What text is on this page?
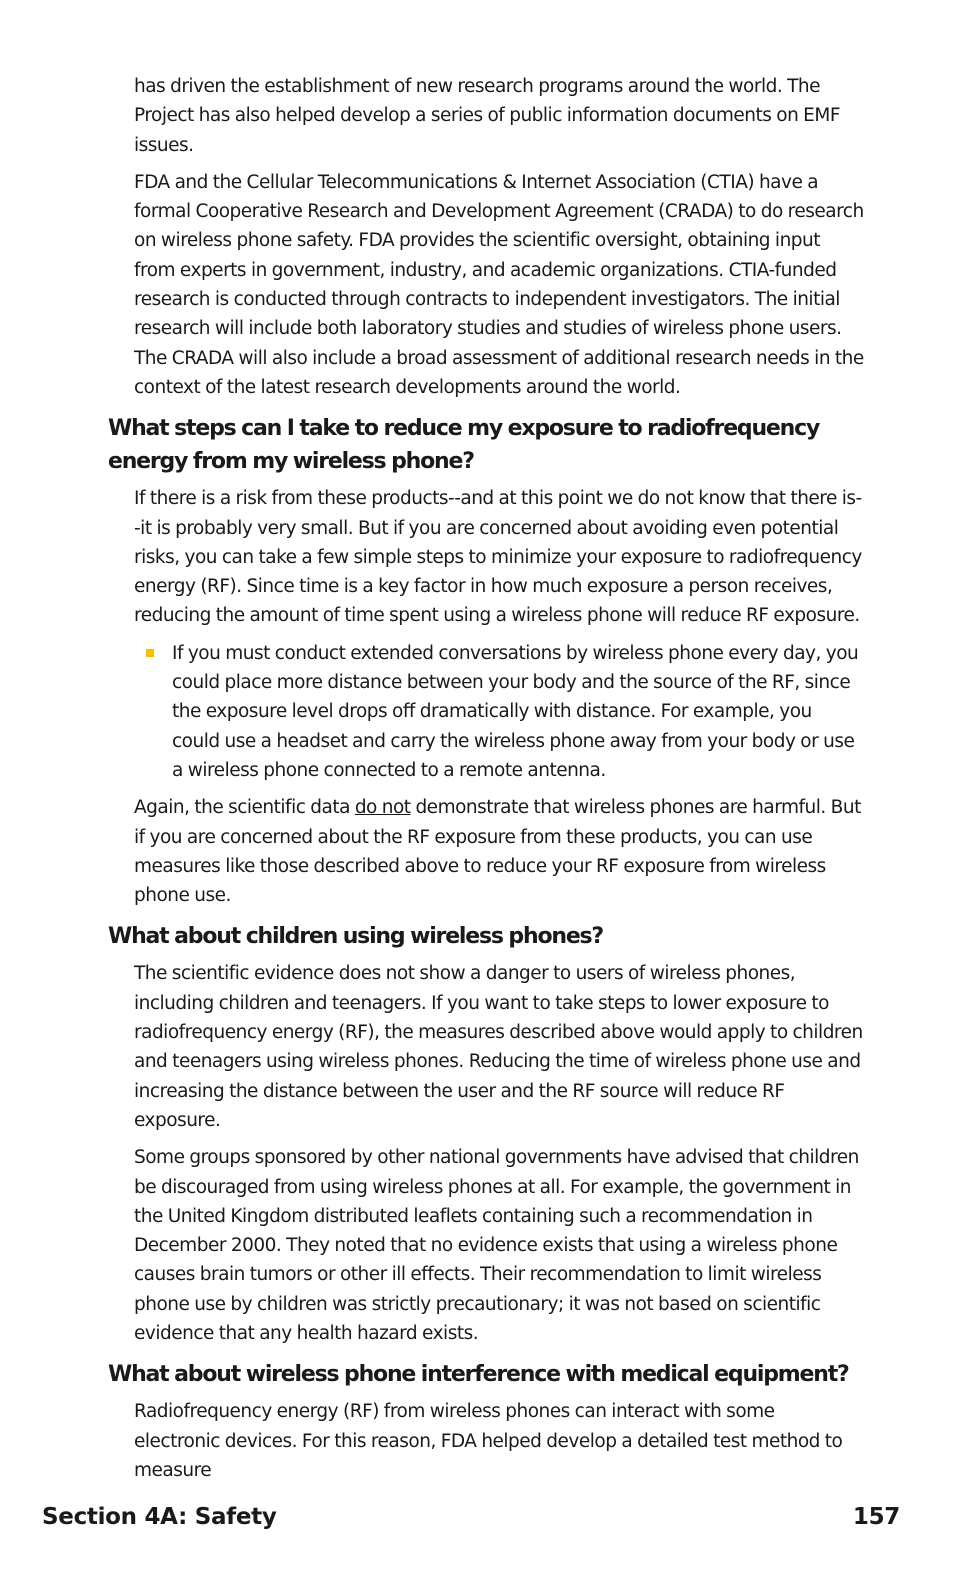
has driven the establishment of new research programs around the world. The Project has also helped develop a series of public information documents on EMF issues.

FDA and the Cellular Telecommunications & Internet Association (CTIA) have a formal Cooperative Research and Development Agreement (CRADA) to do research on wireless phone safety. FDA provides the scientific oversight, obtaining input from experts in government, industry, and academic organizations. CTIA-funded research is conducted through contracts to independent investigators. The initial research will include both laboratory studies and studies of wireless phone users. The CRADA will also include a broad assessment of additional research needs in the context of the latest research developments around the world.

What steps can I take to reduce my exposure to radiofrequency energy from my wireless phone?

If there is a risk from these products--and at this point we do not know that there is--it is probably very small. But if you are concerned about avoiding even potential risks, you can take a few simple steps to minimize your exposure to radiofrequency energy (RF). Since time is a key factor in how much exposure a person receives, reducing the amount of time spent using a wireless phone will reduce RF exposure.

If you must conduct extended conversations by wireless phone every day, you could place more distance between your body and the source of the RF, since the exposure level drops off dramatically with distance. For example, you could use a headset and carry the wireless phone away from your body or use a wireless phone connected to a remote antenna.

Again, the scientific data do not demonstrate that wireless phones are harmful. But if you are concerned about the RF exposure from these products, you can use measures like those described above to reduce your RF exposure from wireless phone use.

What about children using wireless phones?

The scientific evidence does not show a danger to users of wireless phones, including children and teenagers. If you want to take steps to lower exposure to radiofrequency energy (RF), the measures described above would apply to children and teenagers using wireless phones. Reducing the time of wireless phone use and increasing the distance between the user and the RF source will reduce RF exposure.

Some groups sponsored by other national governments have advised that children be discouraged from using wireless phones at all. For example, the government in the United Kingdom distributed leaflets containing such a recommendation in December 2000. They noted that no evidence exists that using a wireless phone causes brain tumors or other ill effects. Their recommendation to limit wireless phone use by children was strictly precautionary; it was not based on scientific evidence that any health hazard exists.

What about wireless phone interference with medical equipment?

Radiofrequency energy (RF) from wireless phones can interact with some electronic devices. For this reason, FDA helped develop a detailed test method to measure

Section 4A: Safety	157
